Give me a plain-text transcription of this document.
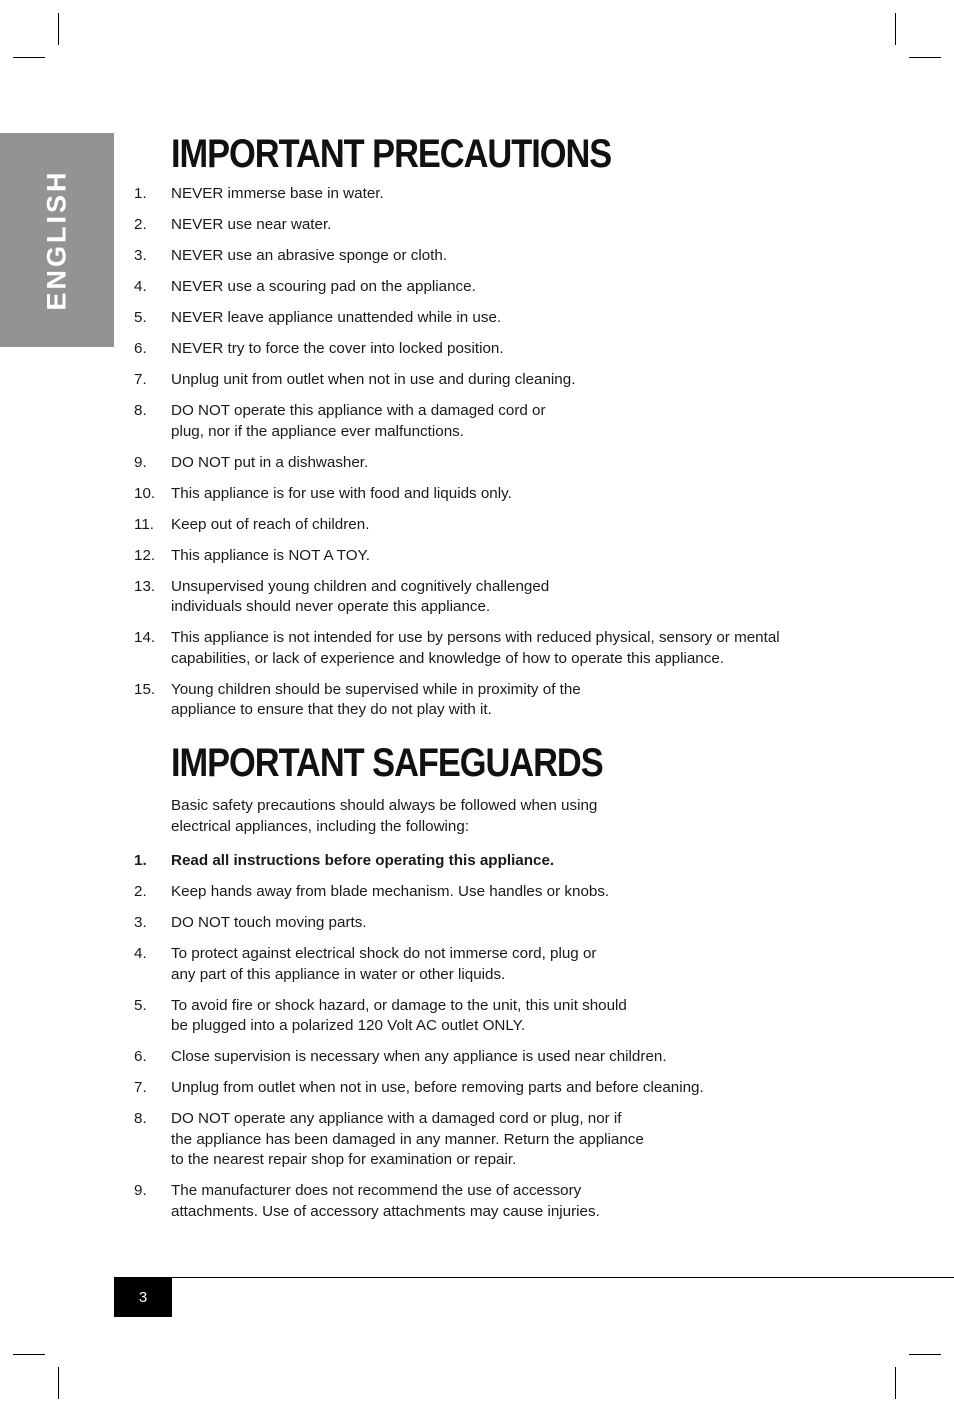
ENGLISH
IMPORTANT PRECAUTIONS
1. NEVER immerse base in water.
2. NEVER use near water.
3. NEVER use an abrasive sponge or cloth.
4. NEVER use a scouring pad on the appliance.
5. NEVER leave appliance unattended while in use.
6. NEVER try to force the cover into locked position.
7. Unplug unit from outlet when not in use and during cleaning.
8. DO NOT operate this appliance with a damaged cord or
plug, nor if the appliance ever malfunctions.
9. DO NOT put in a dishwasher.
10. This appliance is for use with food and liquids only.
11. Keep out of reach of children.
12. This appliance is NOT A TOY.
13. Unsupervised young children and cognitively challenged
individuals should never operate this appliance.
14. This appliance is not intended for use by persons with reduced physical, sensory or mental
capabilities, or lack of experience and knowledge of how to operate this appliance.
15. Young children should be supervised while in proximity of the
appliance to ensure that they do not play with it.
IMPORTANT SAFEGUARDS
Basic safety precautions should always be followed when using
electrical appliances, including the following:
1. Read all instructions before operating this appliance.
2. Keep hands away from blade mechanism. Use handles or knobs.
3. DO NOT touch moving parts.
4. To protect against electrical shock do not immerse cord, plug or
any part of this appliance in water or other liquids.
5. To avoid fire or shock hazard, or damage to the unit, this unit should
be plugged into a polarized 120 Volt AC outlet ONLY.
6. Close supervision is necessary when any appliance is used near children.
7. Unplug from outlet when not in use, before removing parts and before cleaning.
8. DO NOT operate any appliance with a damaged cord or plug, nor if
the appliance has been damaged in any manner. Return the appliance
to the nearest repair shop for examination or repair.
9. The manufacturer does not recommend the use of accessory
attachments. Use of accessory attachments may cause injuries.
3
